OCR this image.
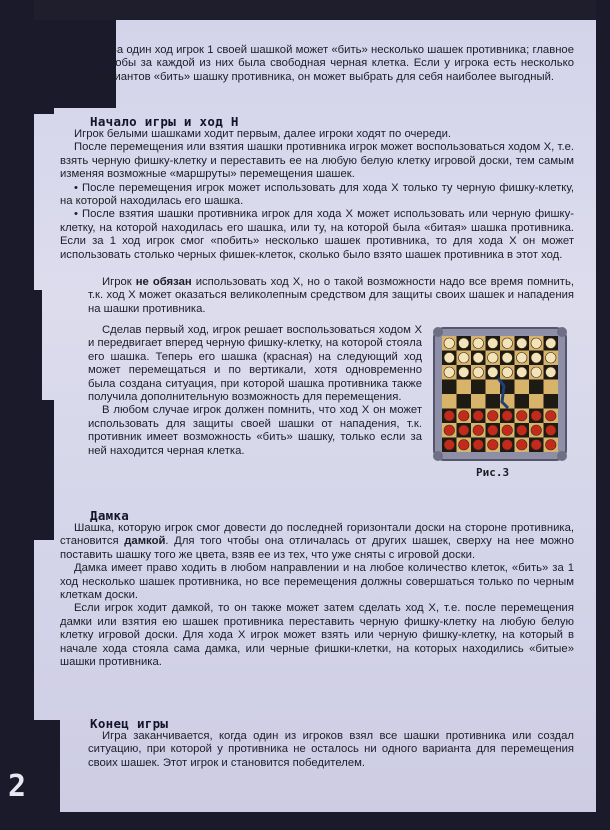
За один ход игрок 1 своей шашкой может «бить» несколько шашек противника; главное - чтобы за каждой из них была свободная черная клетка. Если у игрока есть несколько вариантов «бить» шашку противника, он может выбрать для себя наиболее выгодный.

Начало игры и ход Н

Игрок белыми шашками ходит первым, далее игроки ходят по очереди.

После перемещения или взятия шашки противника игрок может воспользоваться ходом Х, т.е. взять черную фишку-клетку и переставить ее на любую белую клетку игровой доски, тем самым изменяя возможные «маршруты» перемещения шашек.

• После перемещения игрок может использовать для хода Х только ту черную фишку-клетку, на которой находилась его шашка.

• После взятия шашки противника игрок для хода Х может использовать или черную фишку-клетку, на которой находилась его шашка, или ту, на которой была «битая» шашка противника. Если за 1 ход игрок смог «побить» несколько шашек противника, то для хода Х он может использовать столько черных фишек-клеток, сколько было взято шашек противника в этот ход.

Игрок не обязан использовать ход Х, но о такой возможности надо все время помнить, т.к. ход Х может оказаться великолепным средством для защиты своих шашек и нападения на шашки противника.

Сделав первый ход, игрок решает воспользоваться ходом Х и передвигает вперед черную фишку-клетку, на которой стояла его шашка. Теперь его шашка (красная) на следующий ход может перемещаться и по вертикали, хотя одновременно была создана ситуация, при которой шашка противника также получила дополнительную возможность для перемещения.

В любом случае игрок должен помнить, что ход Х он может использовать для защиты своей шашки от нападения, т.к. противник имеет возможность «бить» шашку, только если за ней находится черная клетка.

Рис.3
Дамка

Шашка, которую игрок смог довести до последней горизонтали доски на стороне противника, становится дамкой. Для того чтобы она отличалась от других шашек, сверху на нее можно поставить шашку того же цвета, взяв ее из тех, что уже сняты с игровой доски.

Дамка имеет право ходить в любом направлении и на любое количество клеток, «бить» за 1 ход несколько шашек противника, но все перемещения должны совершаться только по черным клеткам доски.

Если игрок ходит дамкой, то он также может затем сделать ход Х, т.е. после перемещения дамки или взятия ею шашек противника переставить черную фишку-клетку на любую белую клетку игровой доски. Для хода Х игрок может взять или черную фишку-клетку, на который в начале хода стояла сама дамка, или черные фишки-клетки, на которых находились «битые» шашки противника.

Конец игры

Игра заканчивается, когда один из игроков взял все шашки противника или создал ситуацию, при которой у противника не осталось ни одного варианта для перемещения своих шашек. Этот игрок и становится победителем.

2
